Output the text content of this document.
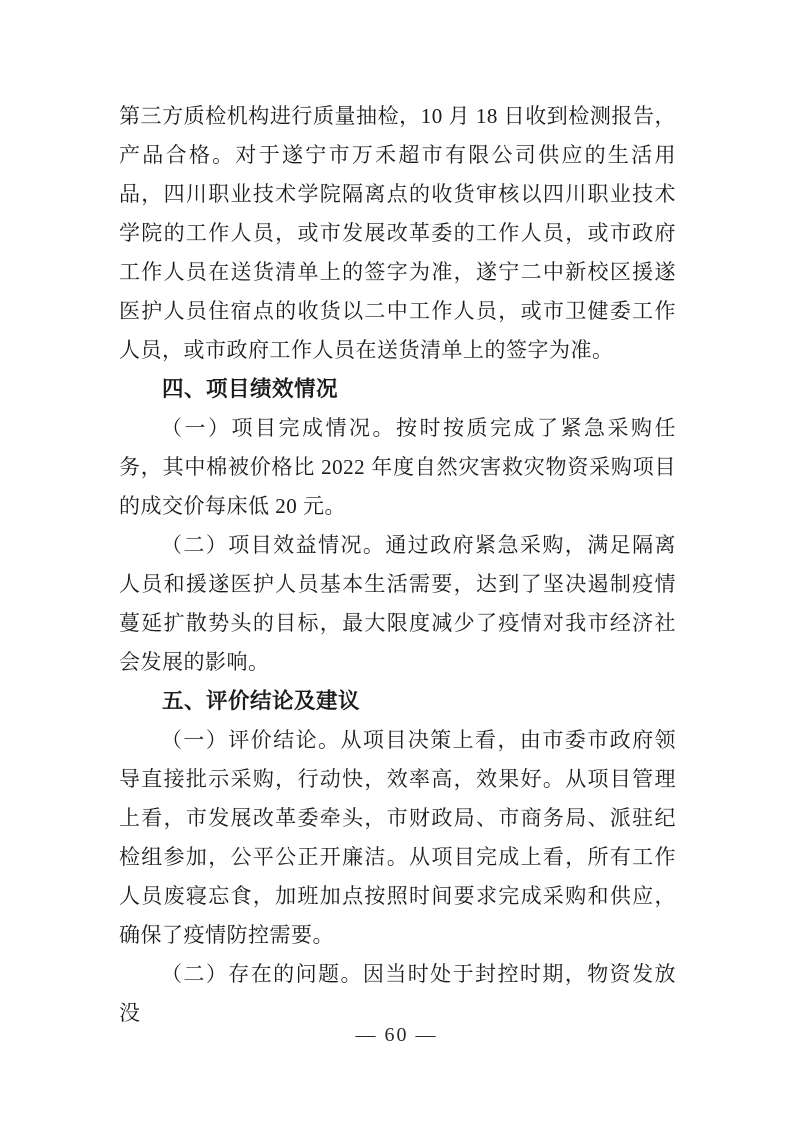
第三方质检机构进行质量抽检，10 月 18 日收到检测报告，产品合格。对于遂宁市万禾超市有限公司供应的生活用品，四川职业技术学院隔离点的收货审核以四川职业技术学院的工作人员，或市发展改革委的工作人员，或市政府工作人员在送货清单上的签字为准，遂宁二中新校区援遂医护人员住宿点的收货以二中工作人员，或市卫健委工作人员，或市政府工作人员在送货清单上的签字为准。

四、项目绩效情况

（一）项目完成情况。按时按质完成了紧急采购任务，其中棉被价格比 2022 年度自然灾害救灾物资采购项目的成交价每床低 20 元。

（二）项目效益情况。通过政府紧急采购，满足隔离人员和援遂医护人员基本生活需要，达到了坚决遏制疫情蔓延扩散势头的目标，最大限度减少了疫情对我市经济社会发展的影响。

五、评价结论及建议

（一）评价结论。从项目决策上看，由市委市政府领导直接批示采购，行动快，效率高，效果好。从项目管理上看，市发展改革委牵头，市财政局、市商务局、派驻纪检组参加，公平公正开廉洁。从项目完成上看，所有工作人员废寝忘食，加班加点按照时间要求完成采购和供应，确保了疫情防控需要。

（二）存在的问题。因当时处于封控时期，物资发放没

— 60 —
